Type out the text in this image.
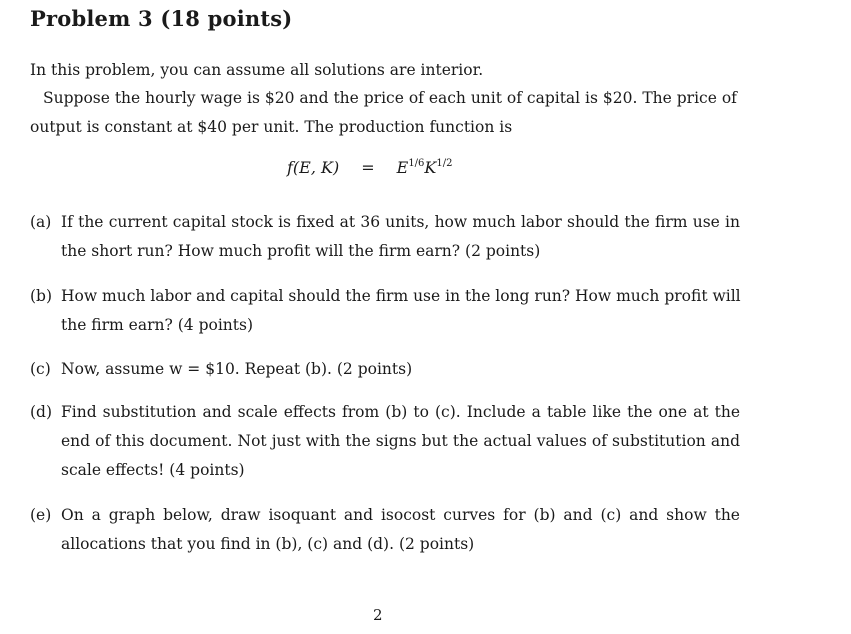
Problem 3 (18 points)
In this problem, you can assume all solutions are interior.
Suppose the hourly wage is $20 and the price of each unit of capital is $20. The price of
output is constant at $40 per unit. The production function is
f(E, $K) = E^{1/6}K^{1/2}$
(a) If the current capital stock is fixed at 36 units, how much labor should the firm use in
the short run? How much profit will the firm earn? (2 points)
(b) How much labor and capital should the firm use in the long run? How much profit will
the firm earn? (4 points)
(c) Now, assume w = $10. Repeat (b). (2 points)
(d) Find substitution and scale effects from (b) to (c). Include a table like the one at the
end of this document. Not just with the signs but the actual values of substitution and
scale effects! (4 points)
(e) On a graph below, draw isoquant and isocost curves for (b) and (c) and show the
allocations that you find in (b), (c) and (d). (2 points)
2
